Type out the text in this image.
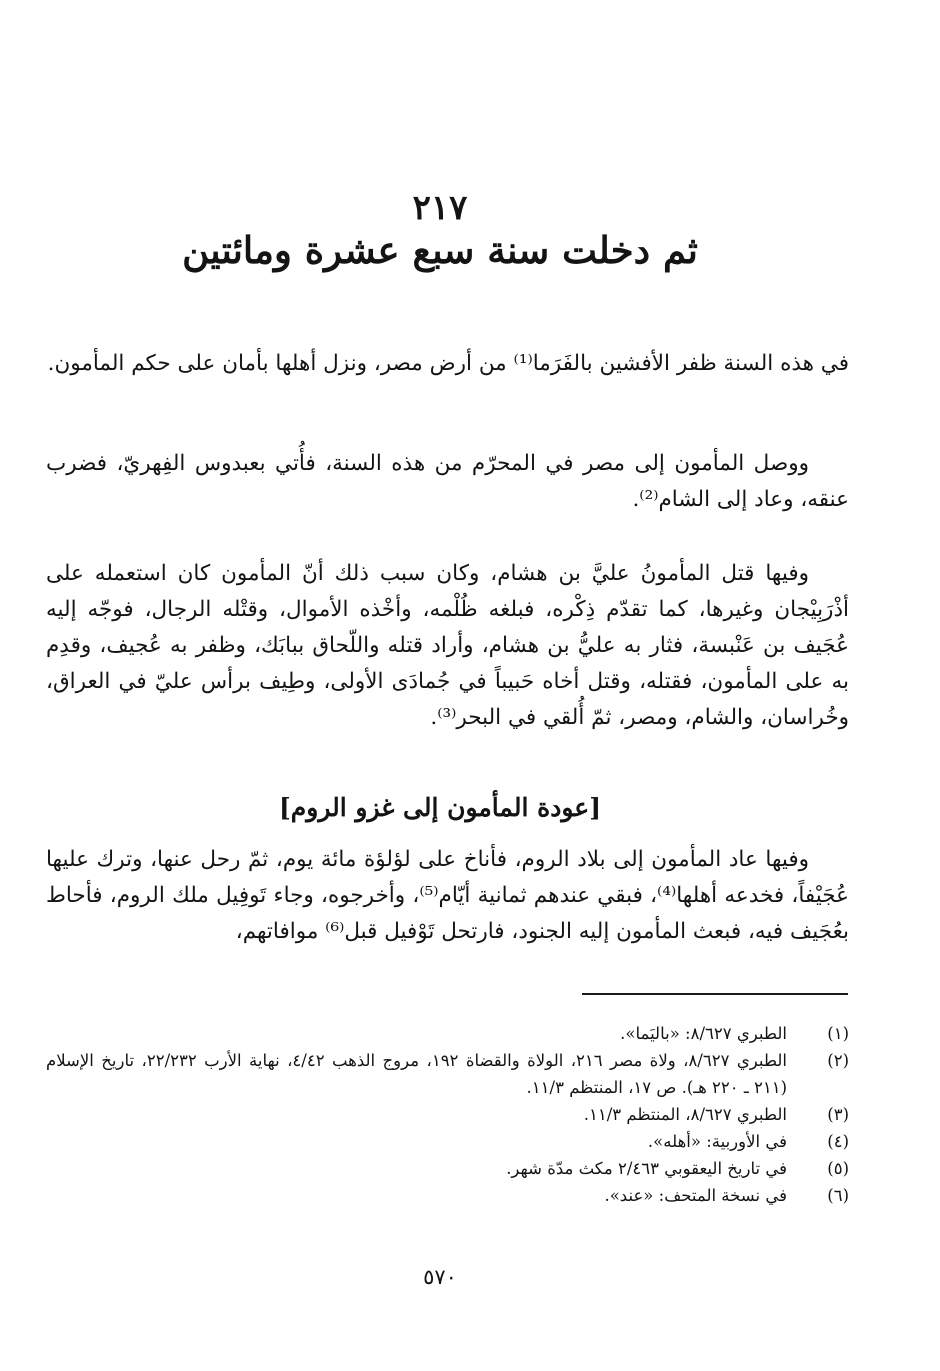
٢١٧
ثم دخلت سنة سبع عشرة ومائتين

في هذه السنة ظفر الأفشين بالفَرَما⁽¹⁾ من أرض مصر، ونزل أهلها بأمان على حكم المأمون.

ووصل المأمون إلى مصر في المحرّم من هذه السنة، فأُتي بعبدوس الفِهريّ، فضرب عنقه، وعاد إلى الشام⁽²⁾.

وفيها قتل المأمونُ عليَّ بن هشام، وكان سبب ذلك أنّ المأمون كان استعمله على أذْرَبِيْجان وغيرها، كما تقدّم ذِكْره، فبلغه ظُلْمه، وأخْذه الأموال، وقتْله الرجال، فوجّه إليه عُجَيف بن عَنْبسة، فثار به عليُّ بن هشام، وأراد قتله واللّحاق ببابَك، وظفر به عُجيف، وقدِم به على المأمون، فقتله، وقتل أخاه حَبيباً في جُمادَى الأولى، وطِيف برأس عليّ في العراق، وخُراسان، والشام، ومصر، ثمّ أُلقي في البحر⁽³⁾.

[عودة المأمون إلى غزو الروم]

وفيها عاد المأمون إلى بلاد الروم، فأناخ على لؤلؤة مائة يوم، ثمّ رحل عنها، وترك عليها عُجَيْفاً، فخدعه أهلها⁽⁴⁾، فبقي عندهم ثمانية أيّام⁽⁵⁾، وأخرجوه، وجاء تَوفِيل ملك الروم، فأحاط بعُجَيف فيه، فبعث المأمون إليه الجنود، فارتحل تَوْفيل قبل⁽⁶⁾ موافاتهم،

(١)
الطبري ٨/٦٢٧: «باليَما».
(٢)
الطبري ٨/٦٢٧، ولاة مصر ٢١٦، الولاة والقضاة ١٩٢، مروج الذهب ٤/٤٢، نهاية الأرب ٢٢/٢٣٢، تاريخ الإسلام (٢١١ ـ ٢٢٠ هـ). ص ١٧، المنتظم ١١/٣.
(٣)
الطبري ٨/٦٢٧، المنتظم ١١/٣.
(٤)
في الأوربية: «أهله».
(٥)
في تاريخ اليعقوبي ٢/٤٦٣ مكث مدّة شهر.
(٦)
في نسخة المتحف: «عند».
٥٧٠
